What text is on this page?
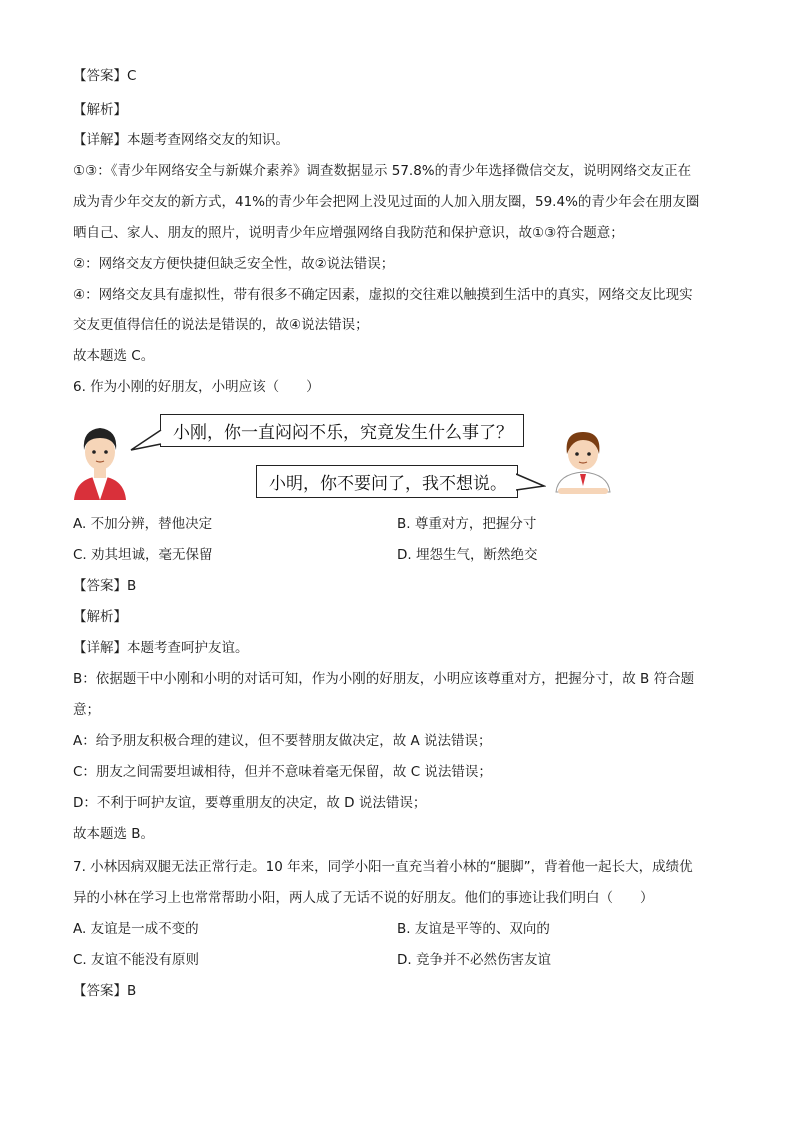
【答案】C
【解析】
【详解】本题考查网络交友的知识。
①③：《青少年网络安全与新媒介素养》调查数据显示 57.8%的青少年选择微信交友，说明网络交友正在
成为青少年交友的新方式，41%的青少年会把网上没见过面的人加入朋友圈，59.4%的青少年会在朋友圈
晒自己、家人、朋友的照片，说明青少年应增强网络自我防范和保护意识，故①③符合题意；
②：网络交友方便快捷但缺乏安全性，故②说法错误；
④：网络交友具有虚拟性，带有很多不确定因素，虚拟的交往难以触摸到生活中的真实，网络交友比现实
交友更值得信任的说法是错误的，故④说法错误；
故本题选 C。
6. 作为小刚的好朋友，小明应该（　　）
小刚，你一直闷闷不乐，究竟发生什么事了？
小明，你不要问了，我不想说。
A. 不加分辨，替他决定	B. 尊重对方，把握分寸
C. 劝其坦诚，毫无保留	D. 埋怨生气，断然绝交
【答案】B
【解析】
【详解】本题考查呵护友谊。
B：依据题干中小刚和小明的对话可知，作为小刚的好朋友，小明应该尊重对方，把握分寸，故 B 符合题
意；
A：给予朋友积极合理的建议，但不要替朋友做决定，故 A 说法错误；
C：朋友之间需要坦诚相待，但并不意味着毫无保留，故 C 说法错误；
D：不利于呵护友谊，要尊重朋友的决定，故 D 说法错误；
故本题选 B。
7. 小林因病双腿无法正常行走。10 年来，同学小阳一直充当着小林的“腿脚”，背着他一起长大，成绩优
异的小林在学习上也常常帮助小阳，两人成了无话不说的好朋友。他们的事迹让我们明白（　　）
A. 友谊是一成不变的	B. 友谊是平等的、双向的
C. 友谊不能没有原则	D. 竞争并不必然伤害友谊
【答案】B
